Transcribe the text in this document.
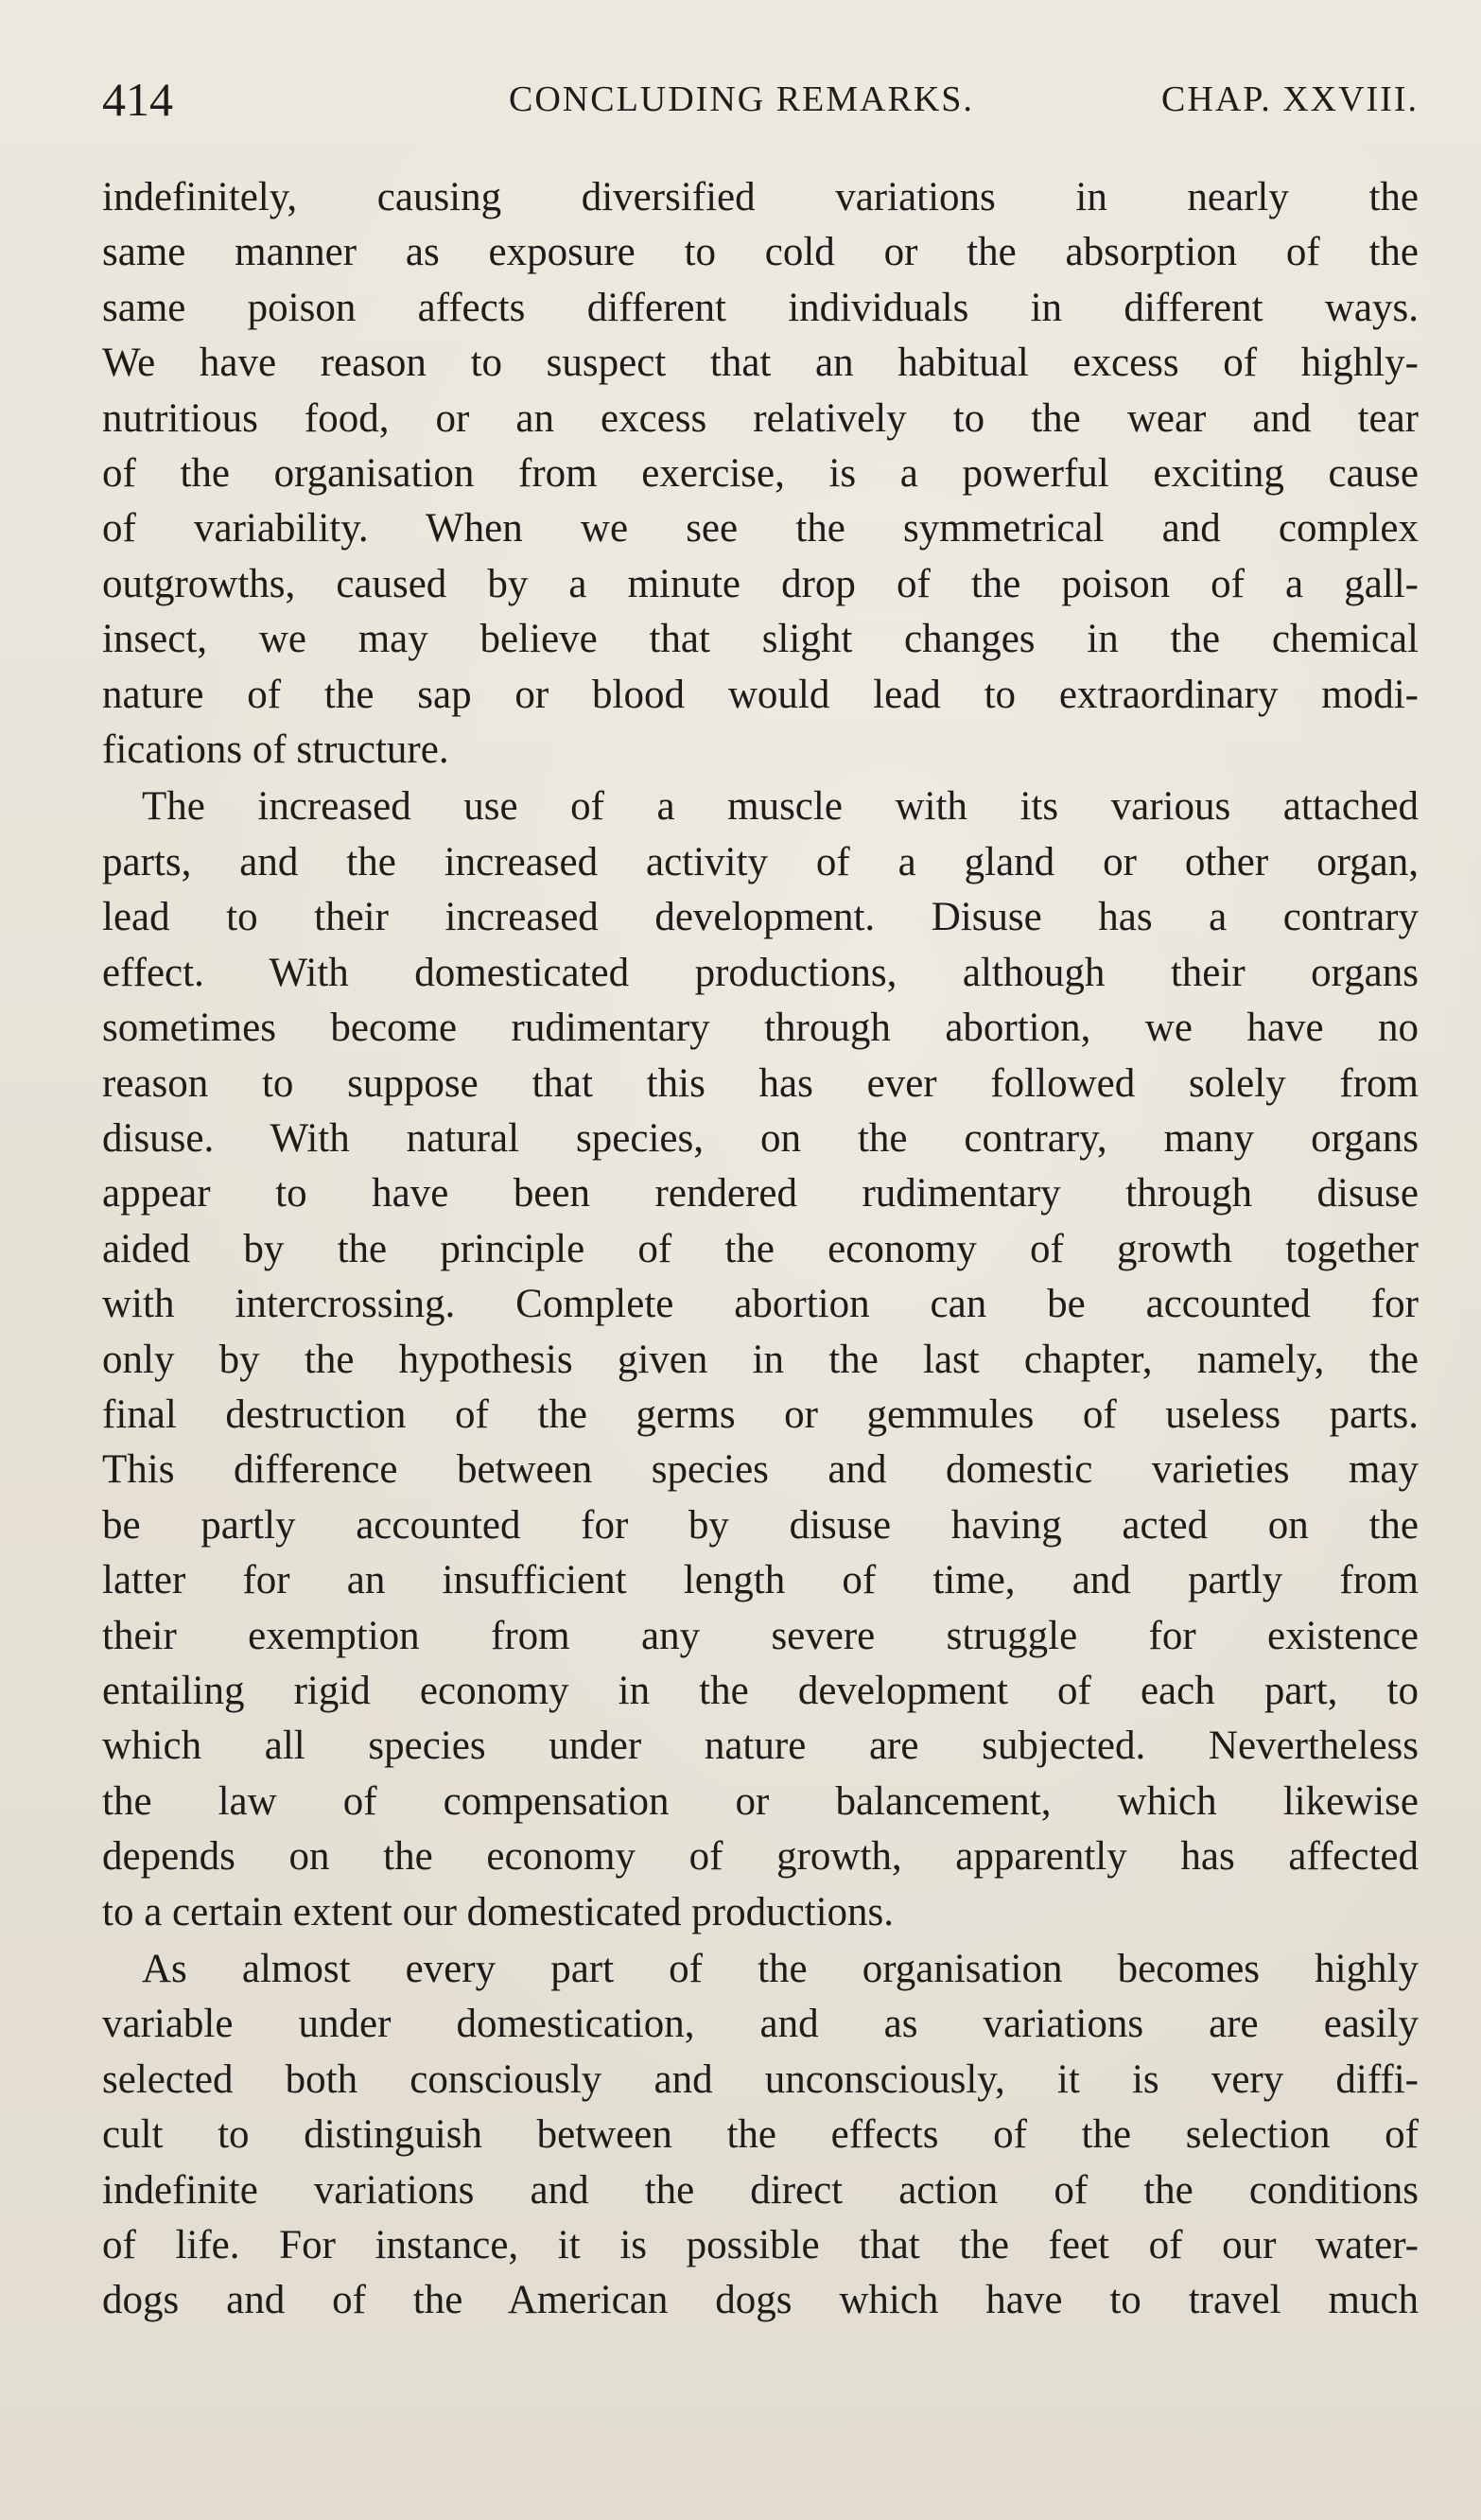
414	CONCLUDING REMARKS.	CHAP. XXVIII.
indefinitely, causing diversified variations in nearly the
same manner as exposure to cold or the absorption of the
same poison affects different individuals in different ways.
We have reason to suspect that an habitual excess of highly-
nutritious food, or an excess relatively to the wear and tear
of the organisation from exercise, is a powerful exciting cause
of variability. When we see the symmetrical and complex
outgrowths, caused by a minute drop of the poison of a gall-
insect, we may believe that slight changes in the chemical
nature of the sap or blood would lead to extraordinary modi-
fications of structure.
The increased use of a muscle with its various attached
parts, and the increased activity of a gland or other organ,
lead to their increased development. Disuse has a contrary
effect. With domesticated productions, although their organs
sometimes become rudimentary through abortion, we have no
reason to suppose that this has ever followed solely from
disuse. With natural species, on the contrary, many organs
appear to have been rendered rudimentary through disuse
aided by the principle of the economy of growth together
with intercrossing. Complete abortion can be accounted for
only by the hypothesis given in the last chapter, namely, the
final destruction of the germs or gemmules of useless parts.
This difference between species and domestic varieties may
be partly accounted for by disuse having acted on the
latter for an insufficient length of time, and partly from
their exemption from any severe struggle for existence
entailing rigid economy in the development of each part, to
which all species under nature are subjected. Nevertheless
the law of compensation or balancement, which likewise
depends on the economy of growth, apparently has affected
to a certain extent our domesticated productions.
As almost every part of the organisation becomes highly
variable under domestication, and as variations are easily
selected both consciously and unconsciously, it is very diffi-
cult to distinguish between the effects of the selection of
indefinite variations and the direct action of the conditions
of life. For instance, it is possible that the feet of our water-
dogs and of the American dogs which have to travel much
